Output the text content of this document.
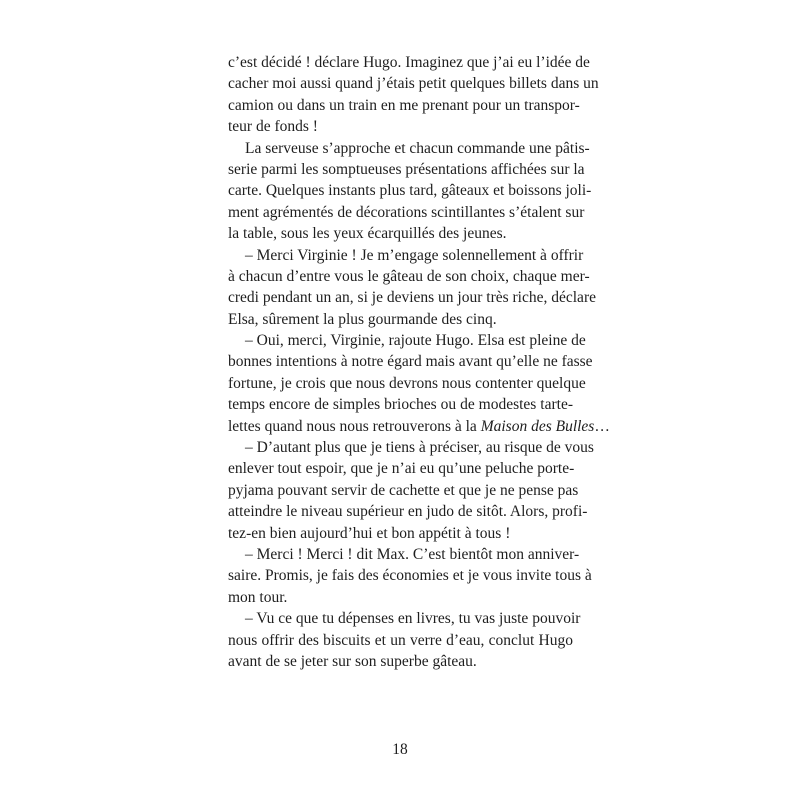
c’est décidé ! déclare Hugo. Imaginez que j’ai eu l’idée de
cacher moi aussi quand j’étais petit quelques billets dans un
camion ou dans un train en me prenant pour un transpor-
teur de fonds !
La serveuse s’approche et chacun commande une pâtis-
serie parmi les somptueuses présentations affichées sur la
carte. Quelques instants plus tard, gâteaux et boissons joli-
ment agrémentés de décorations scintillantes s’étalent sur
la table, sous les yeux écarquillés des jeunes.
– Merci Virginie ! Je m’engage solennellement à offrir
à chacun d’entre vous le gâteau de son choix, chaque mer-
credi pendant un an, si je deviens un jour très riche, déclare
Elsa, sûrement la plus gourmande des cinq.
– Oui, merci, Virginie, rajoute Hugo. Elsa est pleine de
bonnes intentions à notre égard mais avant qu’elle ne fasse
fortune, je crois que nous devrons nous contenter quelque
temps encore de simples brioches ou de modestes tarte-
lettes quand nous nous retrouverons à la Maison des Bulles…
– D’autant plus que je tiens à préciser, au risque de vous
enlever tout espoir, que je n’ai eu qu’une peluche porte-
pyjama pouvant servir de cachette et que je ne pense pas
atteindre le niveau supérieur en judo de sitôt. Alors, profi-
tez-en bien aujourd’hui et bon appétit à tous !
– Merci ! Merci ! dit Max. C’est bientôt mon anniver-
saire. Promis, je fais des économies et je vous invite tous à
mon tour.
– Vu ce que tu dépenses en livres, tu vas juste pouvoir
nous offrir des biscuits et un verre d’eau, conclut Hugo
avant de se jeter sur son superbe gâteau.
18
